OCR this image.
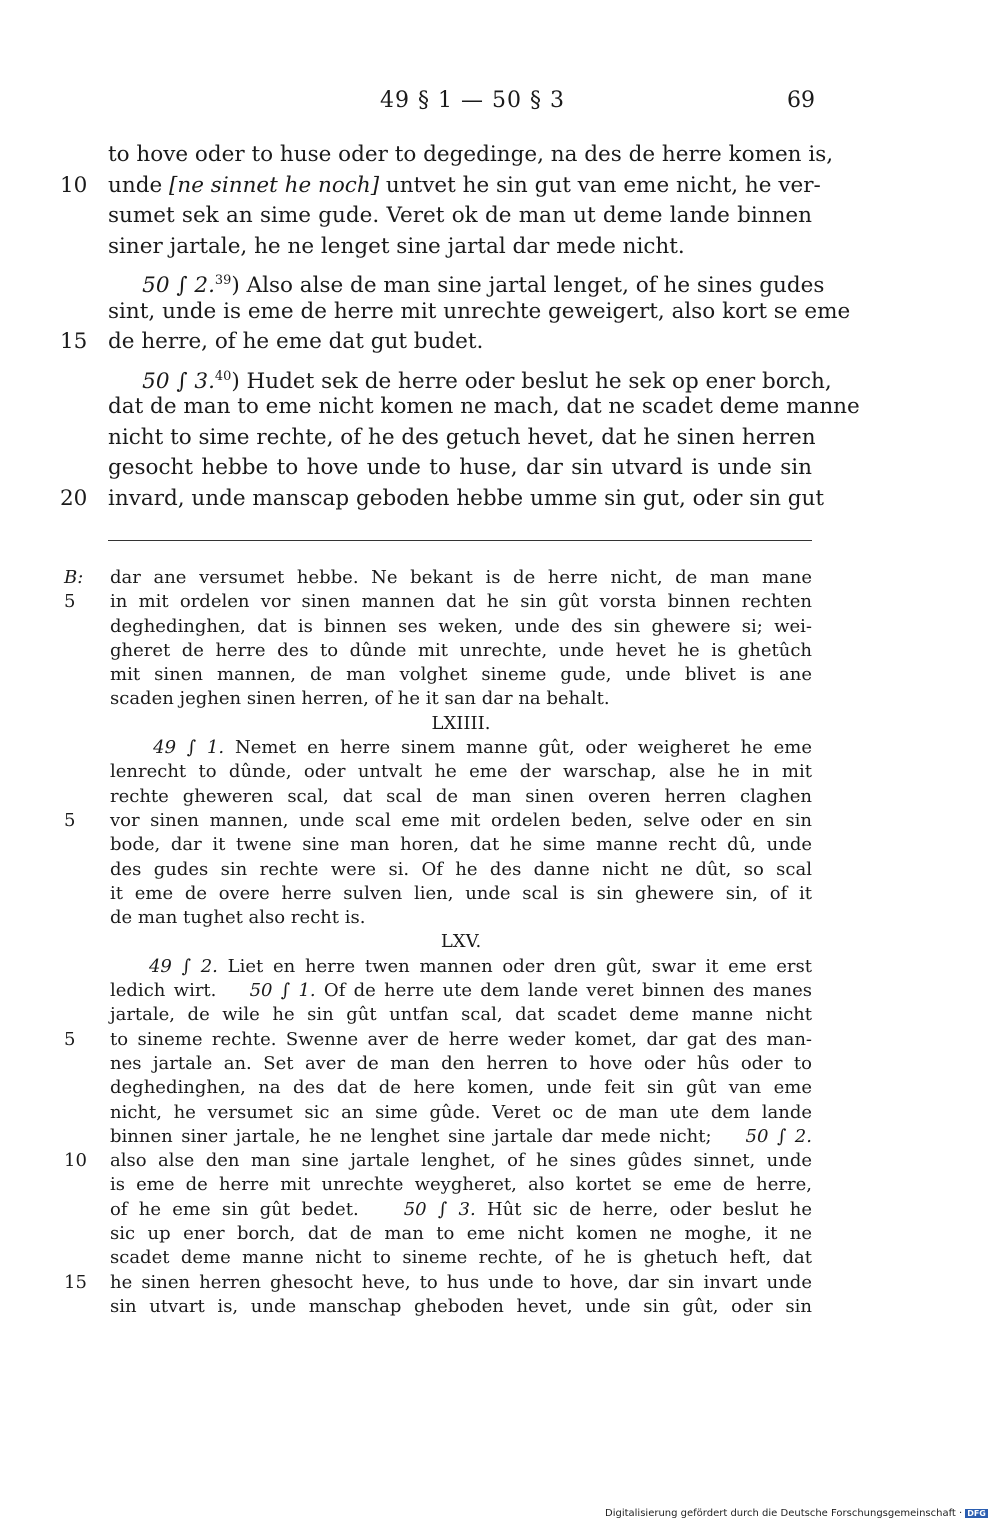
49 § 1 — 50 § 3	69
to hove oder to huse oder to degedinge, na des de herre komen is,
10 unde [ne sinnet he noch] untvet he sin gut van eme nicht, he ver-
sumet sek an sime gude. Veret ok de man ut deme lande binnen
siner jartale, he ne lenget sine jartal dar mede nicht.
50 ∫ 2.39) Also alse de man sine jartal lenget, of he sines gudes
sint, unde is eme de herre mit unrechte geweigert, also kort se eme
15 de herre, of he eme dat gut budet.
50 ∫ 3.40) Hudet sek de herre oder beslut he sek op ener borch,
dat de man to eme nicht komen ne mach, dat ne scadet deme manne
nicht to sime rechte, of he des getuch hevet, dat he sinen herren
gesocht hebbe to hove unde to huse, dar sin utvard is unde sin
20 invard, unde manscap geboden hebbe umme sin gut, oder sin gut
B: dar ane versumet hebbe. Ne bekant is de herre nicht, de man mane
5 in mit ordelen vor sinen mannen dat he sin gût vorsta binnen rechten
deghedinghen, dat is binnen ses weken, unde des sin ghewere si; wei-
gheret de herre des to dûnde mit unrechte, unde hevet he is ghetûch
mit sinen mannen, de man volghet sineme gude, unde blivet is ane
scaden jeghen sinen herren, of he it san dar na behalt.
LXIIII.
49 ∫ 1. Nemet en herre sinem manne gût, oder weigheret he eme
lenrecht to dûnde, oder untvalt he eme der warschap, alse he in mit
rechte gheweren scal, dat scal de man sinen overen herren claghen
5 vor sinen mannen, unde scal eme mit ordelen beden, selve oder en sin
bode, dar it twene sine man horen, dat he sime manne recht dû, unde
des gudes sin rechte were si. Of he des danne nicht ne dût, so scal
it eme de overe herre sulven lien, unde scal is sin ghewere sin, of it
de man tughet also recht is.
LXV.
49 ∫ 2. Liet en herre twen mannen oder dren gût, swar it eme erst
ledich wirt.    50 ∫ 1. Of de herre ute dem lande veret binnen des manes
jartale, de wile he sin gût untfan scal, dat scadet deme manne nicht
5 to sineme rechte. Swenne aver de herre weder komet, dar gat des man-
nes jartale an. Set aver de man den herren to hove oder hûs oder to
deghedinghen, na des dat de here komen, unde feit sin gût van eme
nicht, he versumet sic an sime gûde. Veret oc de man ute dem lande
binnen siner jartale, he ne lenghet sine jartale dar mede nicht;    50 ∫ 2.
10 also alse den man sine jartale lenghet, of he sines gûdes sinnet, unde
is eme de herre mit unrechte weygheret, also kortet se eme de herre,
of he eme sin gût bedet.    50 ∫ 3. Hût sic de herre, oder beslut he
sic up ener borch, dat de man to eme nicht komen ne moghe, it ne
scadet deme manne nicht to sineme rechte, of he is ghetuch heft, dat
15 he sinen herren ghesocht heve, to hus unde to hove, dar sin invart unde
sin utvart is, unde manschap gheboden hevet, unde sin gût, oder sin
Digitalisierung gefördert durch die Deutsche Forschungsgemeinschaft · DFG
